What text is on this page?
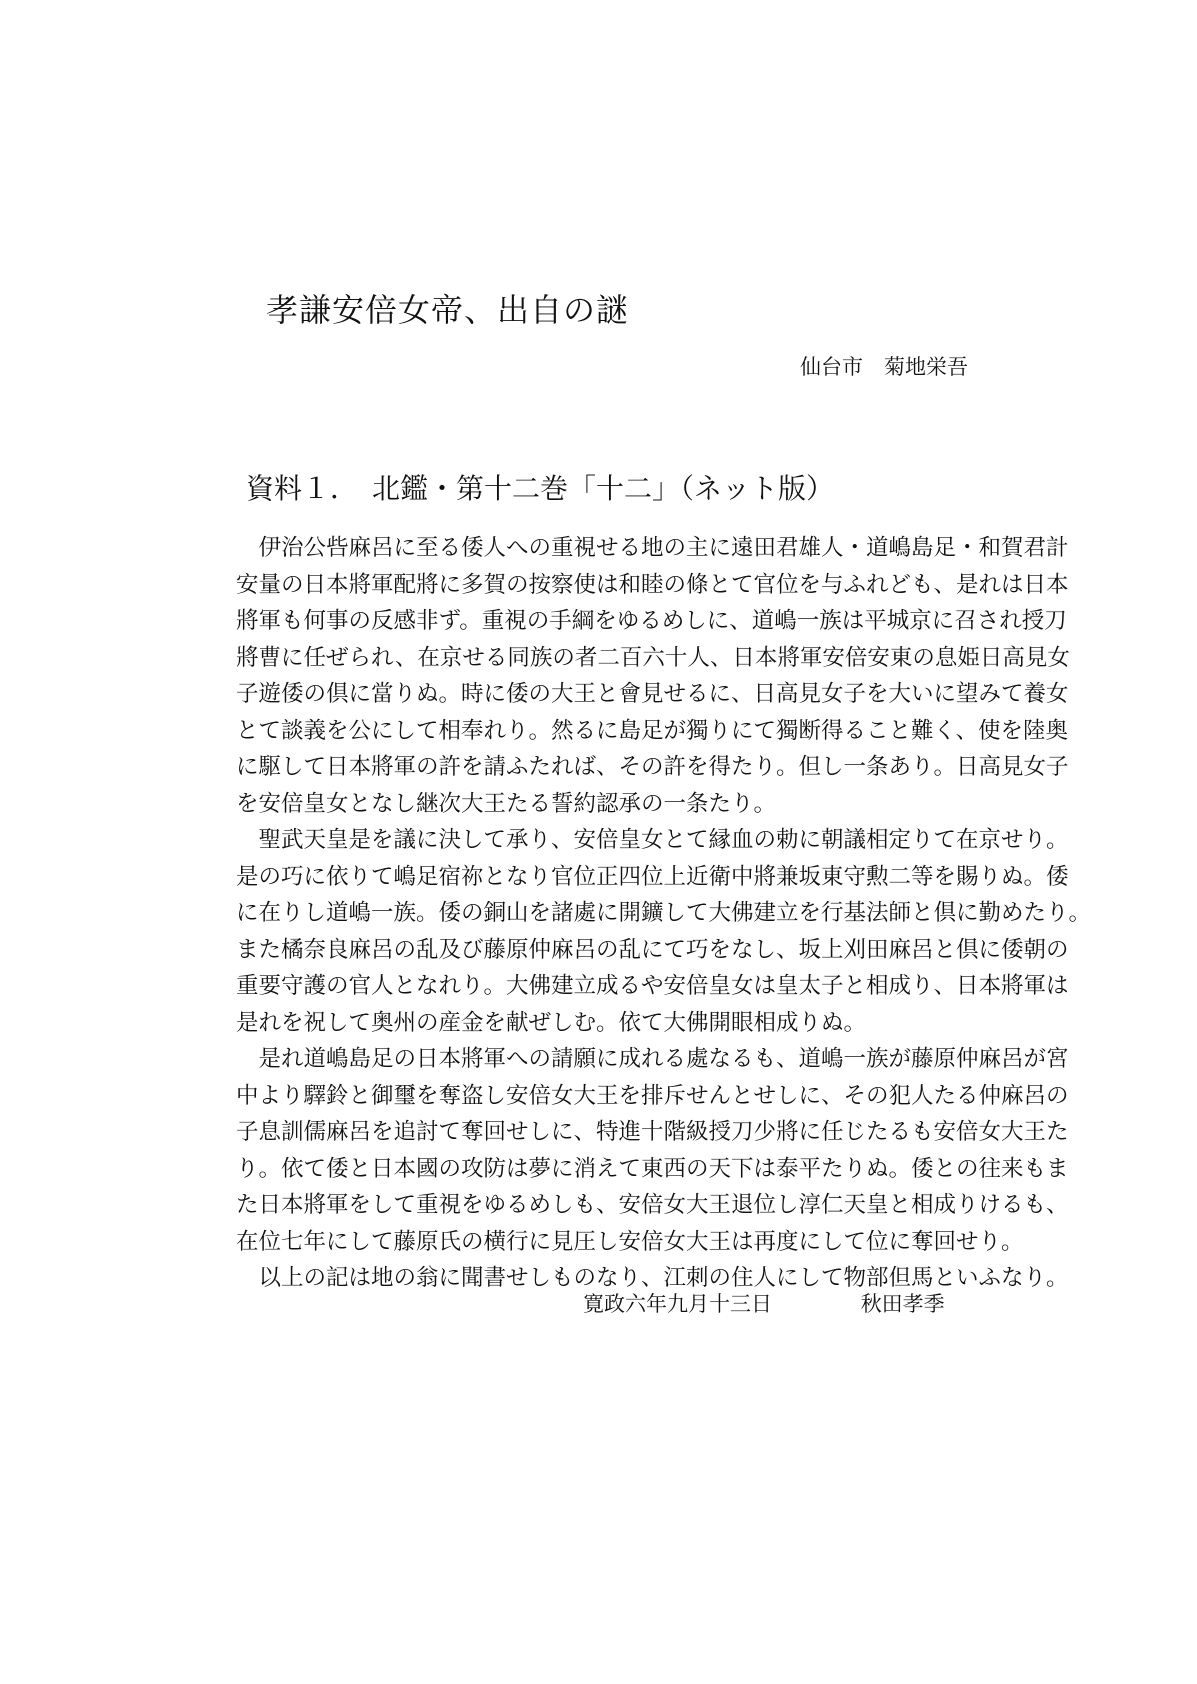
孝謙安倍女帝、出自の謎
仙台市　菊地栄吾
資料１．　北鑑・第十二巻「十二」（ネット版）
　伊治公呰麻呂に至る倭人への重視せる地の主に遠田君雄人・道嶋島足・和賀君計
安量の日本將軍配將に多賀の按察使は和睦の條とて官位を与ふれども、是れは日本
將軍も何事の反感非ず。重視の手綱をゆるめしに、道嶋一族は平城京に召され授刀
將曹に任ぜられ、在京せる同族の者二百六十人、日本將軍安倍安東の息姫日高見女
子遊倭の倶に當りぬ。時に倭の大王と會見せるに、日高見女子を大いに望みて養女
とて談義を公にして相奉れり。然るに島足が獨りにて獨断得ること難く、使を陸奥
に駆して日本將軍の許を請ふたれば、その許を得たり。但し一条あり。日高見女子
を安倍皇女となし継次大王たる誓約認承の一条たり。
　聖武天皇是を議に決して承り、安倍皇女とて縁血の勅に朝議相定りて在京せり。
是の巧に依りて嶋足宿祢となり官位正四位上近衛中將兼坂東守勲二等を賜りぬ。倭
に在りし道嶋一族。倭の銅山を諸處に開鑛して大佛建立を行基法師と倶に勤めたり。
また橘奈良麻呂の乱及び藤原仲麻呂の乱にて巧をなし、坂上刈田麻呂と倶に倭朝の
重要守護の官人となれり。大佛建立成るや安倍皇女は皇太子と相成り、日本將軍は
是れを祝して奥州の産金を献ぜしむ。依て大佛開眼相成りぬ。
　是れ道嶋島足の日本將軍への請願に成れる處なるも、道嶋一族が藤原仲麻呂が宮
中より驛鈴と御璽を奪盗し安倍女大王を排斥せんとせしに、その犯人たる仲麻呂の
子息訓儒麻呂を追討て奪回せしに、特進十階級授刀少將に任じたるも安倍女大王た
り。依て倭と日本國の攻防は夢に消えて東西の天下は泰平たりぬ。倭との往来もま
た日本將軍をして重視をゆるめしも、安倍女大王退位し淳仁天皇と相成りけるも、
在位七年にして藤原氏の横行に見圧し安倍女大王は再度にして位に奪回せり。
　以上の記は地の翁に聞書せしものなり、江刺の住人にして物部但馬といふなり。
寛政六年九月十三日	秋田孝季
